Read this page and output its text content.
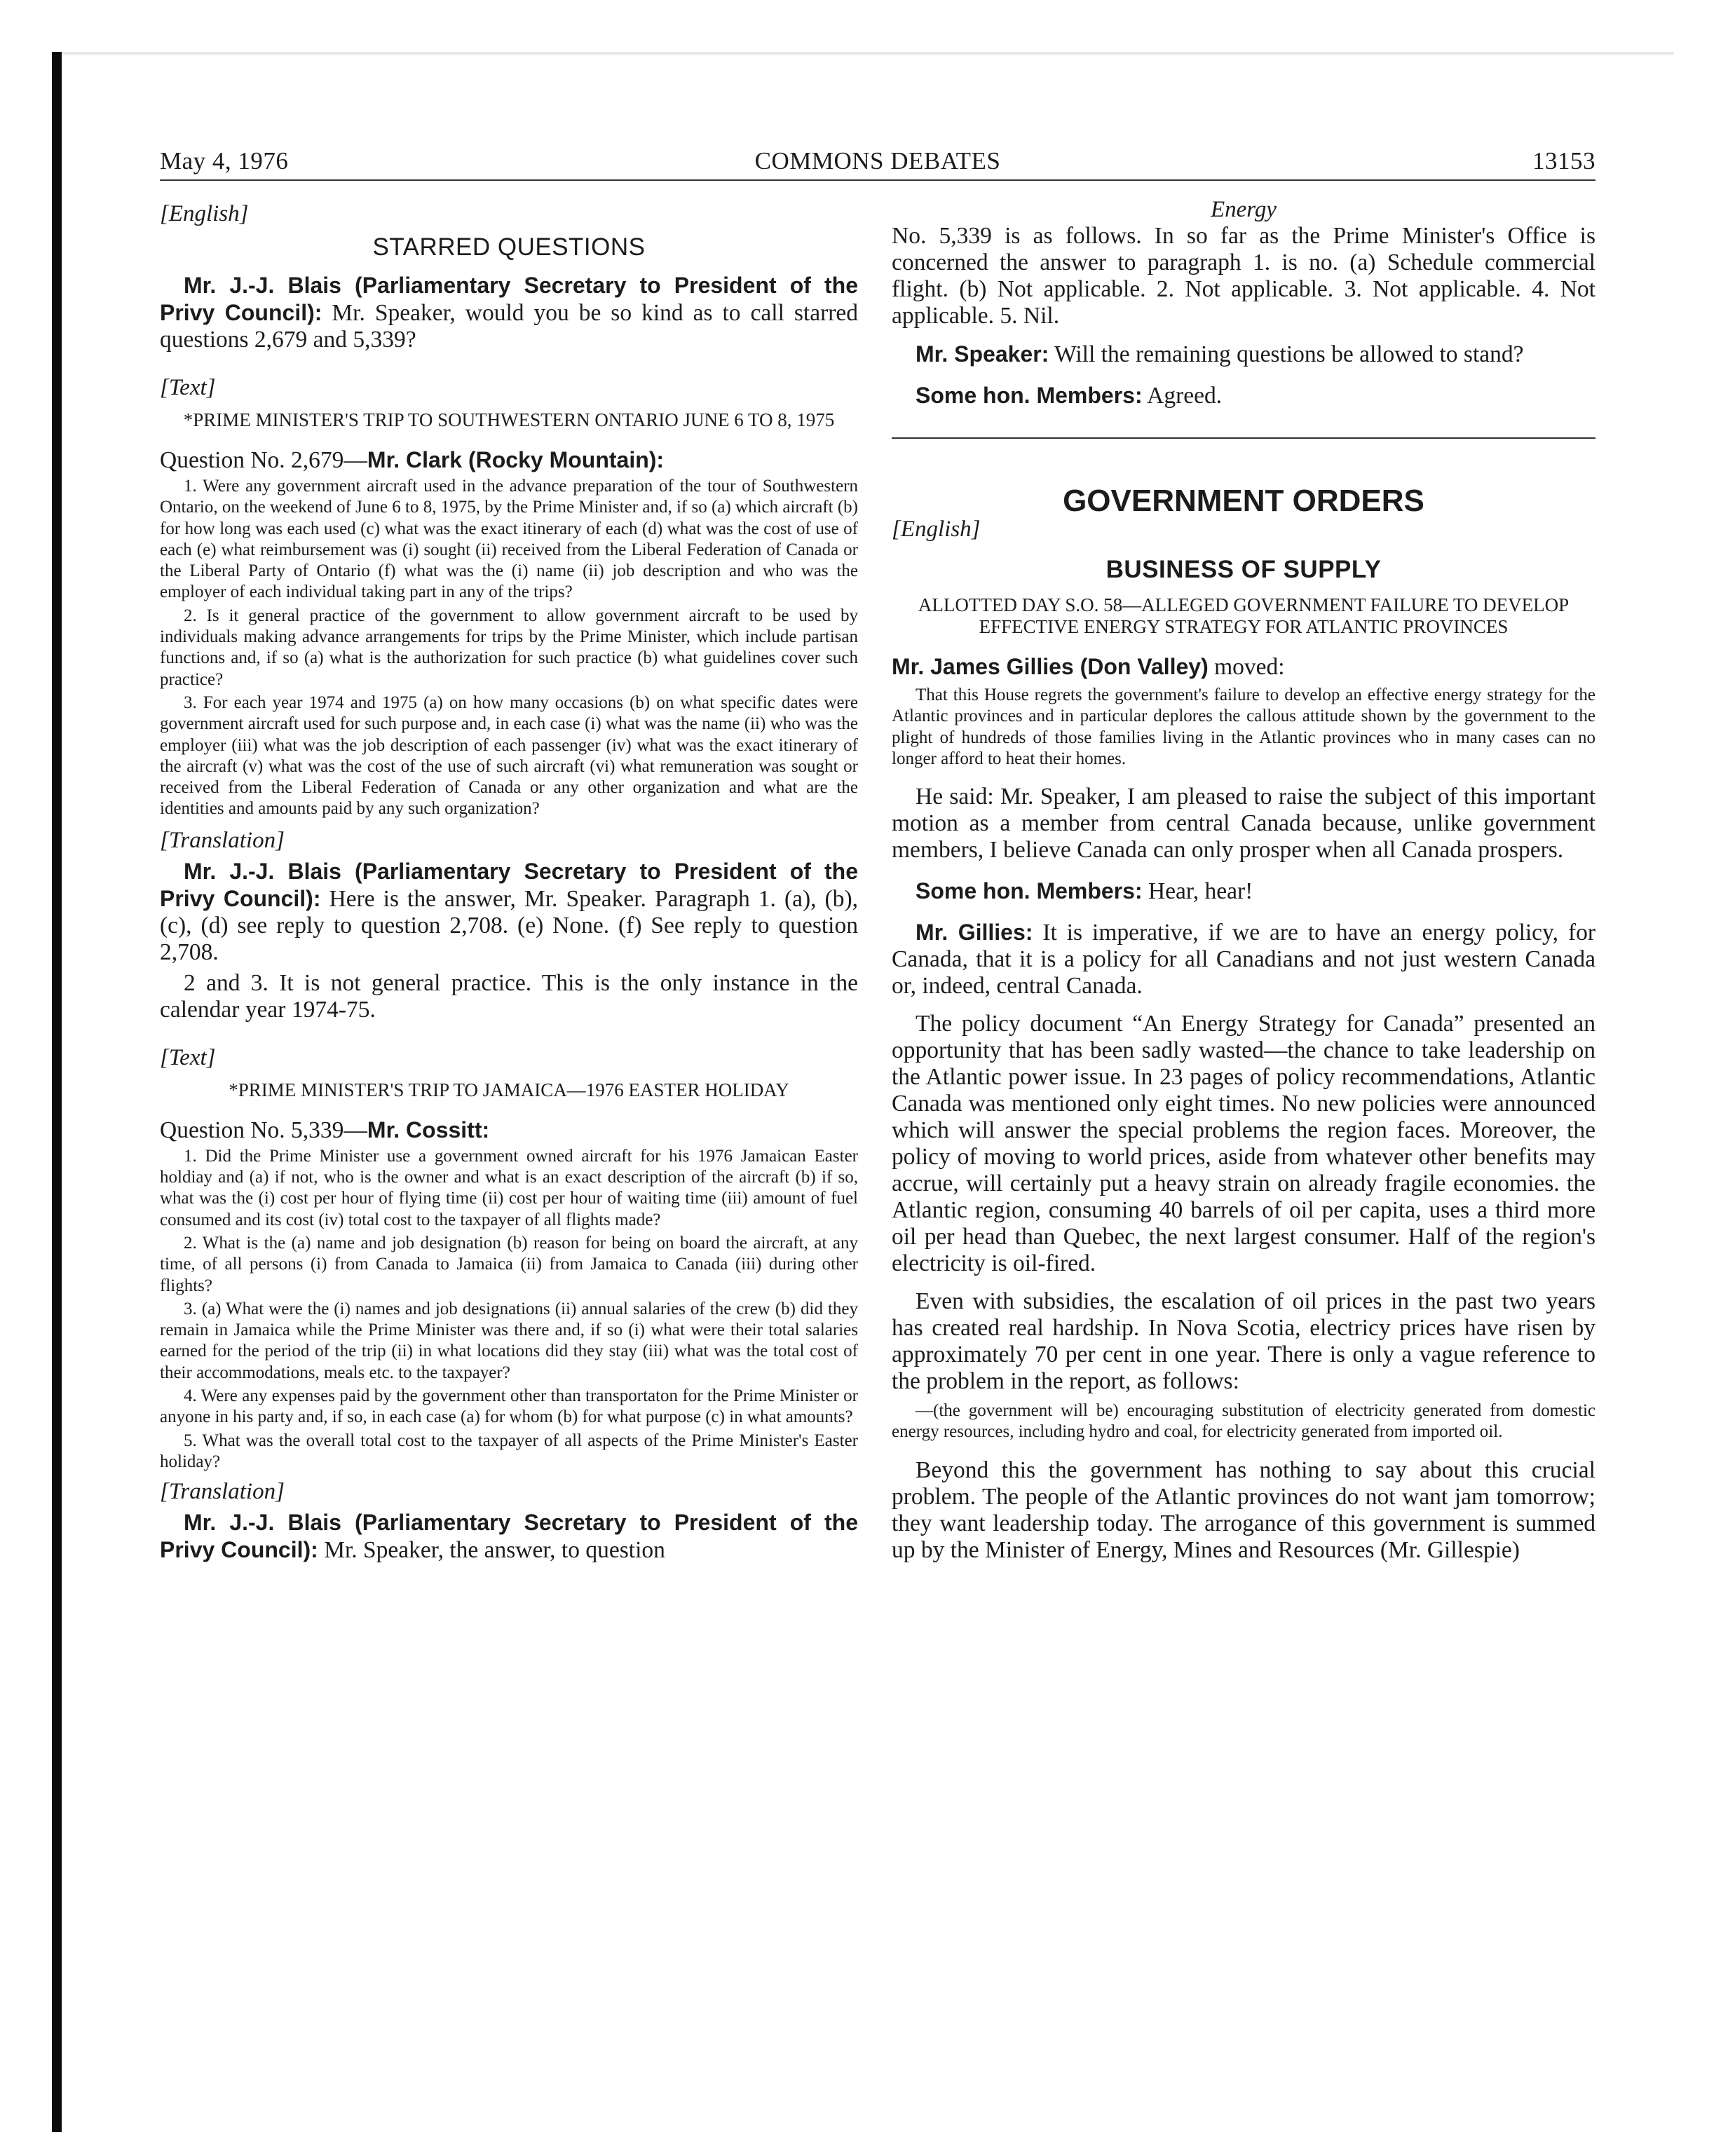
May 4, 1976	COMMONS DEBATES	13153

[English]

STARRED QUESTIONS

Mr. J.-J. Blais (Parliamentary Secretary to President of the Privy Council): Mr. Speaker, would you be so kind as to call starred questions 2,679 and 5,339?

[Text]

*PRIME MINISTER'S TRIP TO SOUTHWESTERN ONTARIO JUNE 6 TO 8, 1975

Question No. 2,679—Mr. Clark (Rocky Mountain):

1. Were any government aircraft used in the advance preparation of the tour of Southwestern Ontario, on the weekend of June 6 to 8, 1975, by the Prime Minister and, if so (a) which aircraft (b) for how long was each used (c) what was the exact itinerary of each (d) what was the cost of use of each (e) what reimbursement was (i) sought (ii) received from the Liberal Federation of Canada or the Liberal Party of Ontario (f) what was the (i) name (ii) job description and who was the employer of each individual taking part in any of the trips?

2. Is it general practice of the government to allow government aircraft to be used by individuals making advance arrangements for trips by the Prime Minister, which include partisan functions and, if so (a) what is the authorization for such practice (b) what guidelines cover such practice?

3. For each year 1974 and 1975 (a) on how many occasions (b) on what specific dates were government aircraft used for such purpose and, in each case (i) what was the name (ii) who was the employer (iii) what was the job description of each passenger (iv) what was the exact itinerary of the aircraft (v) what was the cost of the use of such aircraft (vi) what remuneration was sought or received from the Liberal Federation of Canada or any other organization and what are the identities and amounts paid by any such organization?

[Translation]

Mr. J.-J. Blais (Parliamentary Secretary to President of the Privy Council): Here is the answer, Mr. Speaker. Paragraph 1. (a), (b), (c), (d) see reply to question 2,708. (e) None. (f) See reply to question 2,708.

2 and 3. It is not general practice. This is the only instance in the calendar year 1974-75.

[Text]

*PRIME MINISTER'S TRIP TO JAMAICA—1976 EASTER HOLIDAY

Question No. 5,339—Mr. Cossitt:

1. Did the Prime Minister use a government owned aircraft for his 1976 Jamaican Easter holdiay and (a) if not, who is the owner and what is an exact description of the aircraft (b) if so, what was the (i) cost per hour of flying time (ii) cost per hour of waiting time (iii) amount of fuel consumed and its cost (iv) total cost to the taxpayer of all flights made?

2. What is the (a) name and job designation (b) reason for being on board the aircraft, at any time, of all persons (i) from Canada to Jamaica (ii) from Jamaica to Canada (iii) during other flights?

3. (a) What were the (i) names and job designations (ii) annual salaries of the crew (b) did they remain in Jamaica while the Prime Minister was there and, if so (i) what were their total salaries earned for the period of the trip (ii) in what locations did they stay (iii) what was the total cost of their accommodations, meals etc. to the taxpayer?

4. Were any expenses paid by the government other than transportaton for the Prime Minister or anyone in his party and, if so, in each case (a) for whom (b) for what purpose (c) in what amounts?

5. What was the overall total cost to the taxpayer of all aspects of the Prime Minister's Easter holiday?

[Translation]

Mr. J.-J. Blais (Parliamentary Secretary to President of the Privy Council): Mr. Speaker, the answer, to question

Energy

No. 5,339 is as follows. In so far as the Prime Minister's Office is concerned the answer to paragraph 1. is no. (a) Schedule commercial flight. (b) Not applicable. 2. Not applicable. 3. Not applicable. 4. Not applicable. 5. Nil.

Mr. Speaker: Will the remaining questions be allowed to stand?

Some hon. Members: Agreed.

GOVERNMENT ORDERS

[English]

BUSINESS OF SUPPLY

ALLOTTED DAY S.O. 58—ALLEGED GOVERNMENT FAILURE TO DEVELOP EFFECTIVE ENERGY STRATEGY FOR ATLANTIC PROVINCES

Mr. James Gillies (Don Valley) moved:

That this House regrets the government's failure to develop an effective energy strategy for the Atlantic provinces and in particular deplores the callous attitude shown by the government to the plight of hundreds of those families living in the Atlantic provinces who in many cases can no longer afford to heat their homes.

He said: Mr. Speaker, I am pleased to raise the subject of this important motion as a member from central Canada because, unlike government members, I believe Canada can only prosper when all Canada prospers.

Some hon. Members: Hear, hear!

Mr. Gillies: It is imperative, if we are to have an energy policy, for Canada, that it is a policy for all Canadians and not just western Canada or, indeed, central Canada.

The policy document “An Energy Strategy for Canada” presented an opportunity that has been sadly wasted—the chance to take leadership on the Atlantic power issue. In 23 pages of policy recommendations, Atlantic Canada was mentioned only eight times. No new policies were announced which will answer the special problems the region faces. Moreover, the policy of moving to world prices, aside from whatever other benefits may accrue, will certainly put a heavy strain on already fragile economies. the Atlantic region, consuming 40 barrels of oil per capita, uses a third more oil per head than Quebec, the next largest consumer. Half of the region's electricity is oil-fired.

Even with subsidies, the escalation of oil prices in the past two years has created real hardship. In Nova Scotia, electricy prices have risen by approximately 70 per cent in one year. There is only a vague reference to the problem in the report, as follows:

—(the government will be) encouraging substitution of electricity generated from domestic energy resources, including hydro and coal, for electricity generated from imported oil.

Beyond this the government has nothing to say about this crucial problem. The people of the Atlantic provinces do not want jam tomorrow; they want leadership today. The arrogance of this government is summed up by the Minister of Energy, Mines and Resources (Mr. Gillespie)
